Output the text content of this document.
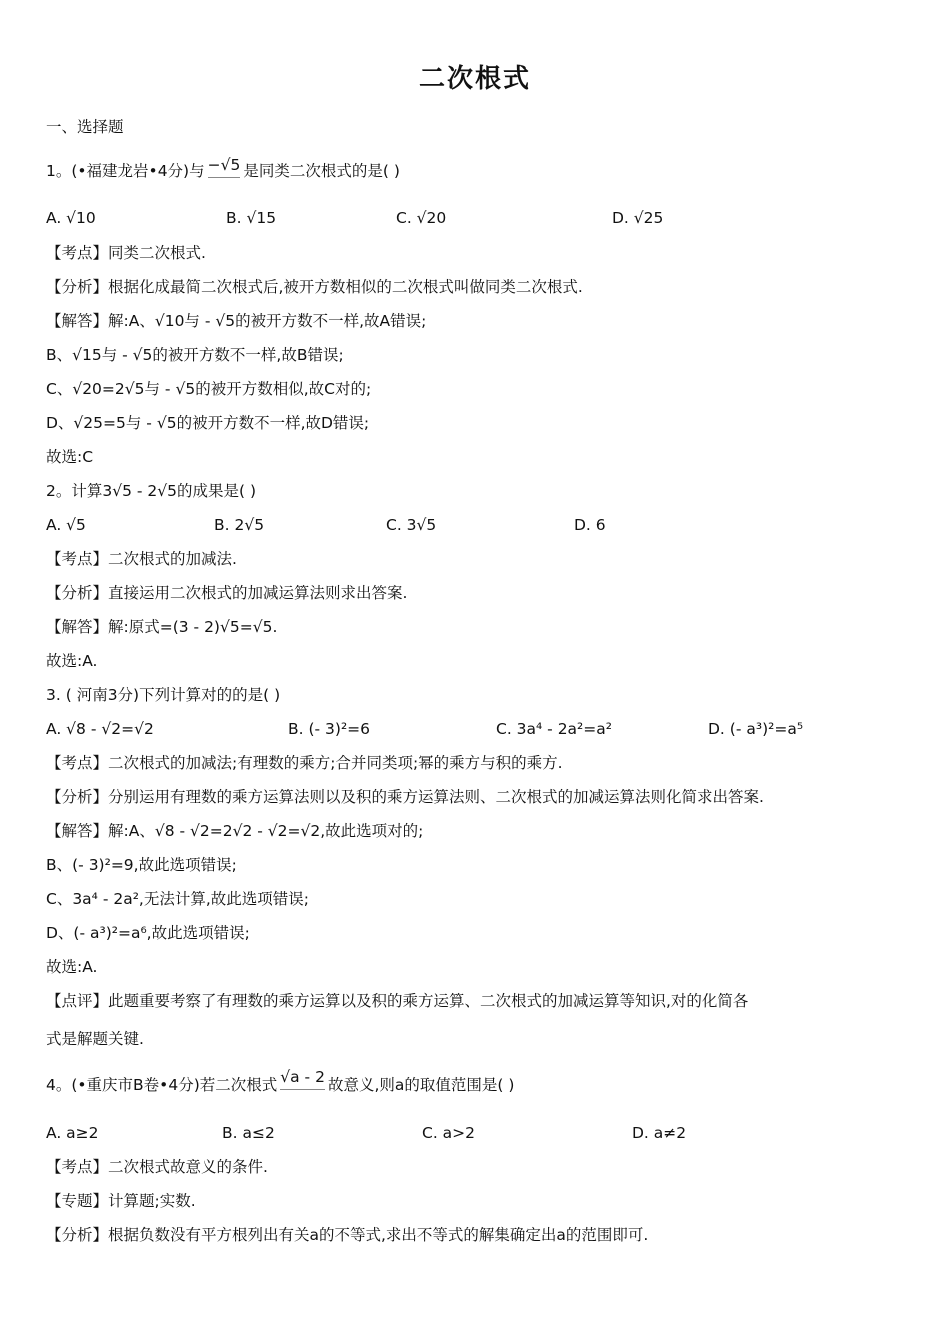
二次根式
一、选择题
1。(•福建龙岩•4分)与 −√5 是同类二次根式的是( )
A. √10	B. √15	C. √20	D. √25
【考点】同类二次根式.
【分析】根据化成最简二次根式后,被开方数相似的二次根式叫做同类二次根式.
【解答】解:A、√10与 - √5的被开方数不一样,故A错误;
B、√15与 - √5的被开方数不一样,故B错误;
C、√20=2√5与 - √5的被开方数相似,故C对的;
D、√25=5与 - √5的被开方数不一样,故D错误;
故选:C
2。计算3√5 - 2√5的成果是( )
A. √5	B. 2√5	C. 3√5	D. 6
【考点】二次根式的加减法.
【分析】直接运用二次根式的加减运算法则求出答案.
【解答】解:原式=(3 - 2)√5=√5.
故选:A.
3. ( 河南3分)下列计算对的的是( )
A. √8 - √2=√2	B. (- 3)²=6	C. 3a⁴ - 2a²=a²	D. (- a³)²=a⁵
【考点】二次根式的加减法;有理数的乘方;合并同类项;幂的乘方与积的乘方.
【分析】分别运用有理数的乘方运算法则以及积的乘方运算法则、二次根式的加减运算法则化简求出答案.
【解答】解:A、√8 - √2=2√2 - √2=√2,故此选项对的;
B、(- 3)²=9,故此选项错误;
C、3a⁴ - 2a²,无法计算,故此选项错误;
D、(- a³)²=a⁶,故此选项错误;
故选:A.
【点评】此题重要考察了有理数的乘方运算以及积的乘方运算、二次根式的加减运算等知识,对的化简各
式是解题关键.
4。(•重庆市B卷•4分)若二次根式 √a - 2 故意义,则a的取值范围是( )
A. a≥2	B. a≤2	C. a>2	D. a≠2
【考点】二次根式故意义的条件.
【专题】计算题;实数.
【分析】根据负数没有平方根列出有关a的不等式,求出不等式的解集确定出a的范围即可.
